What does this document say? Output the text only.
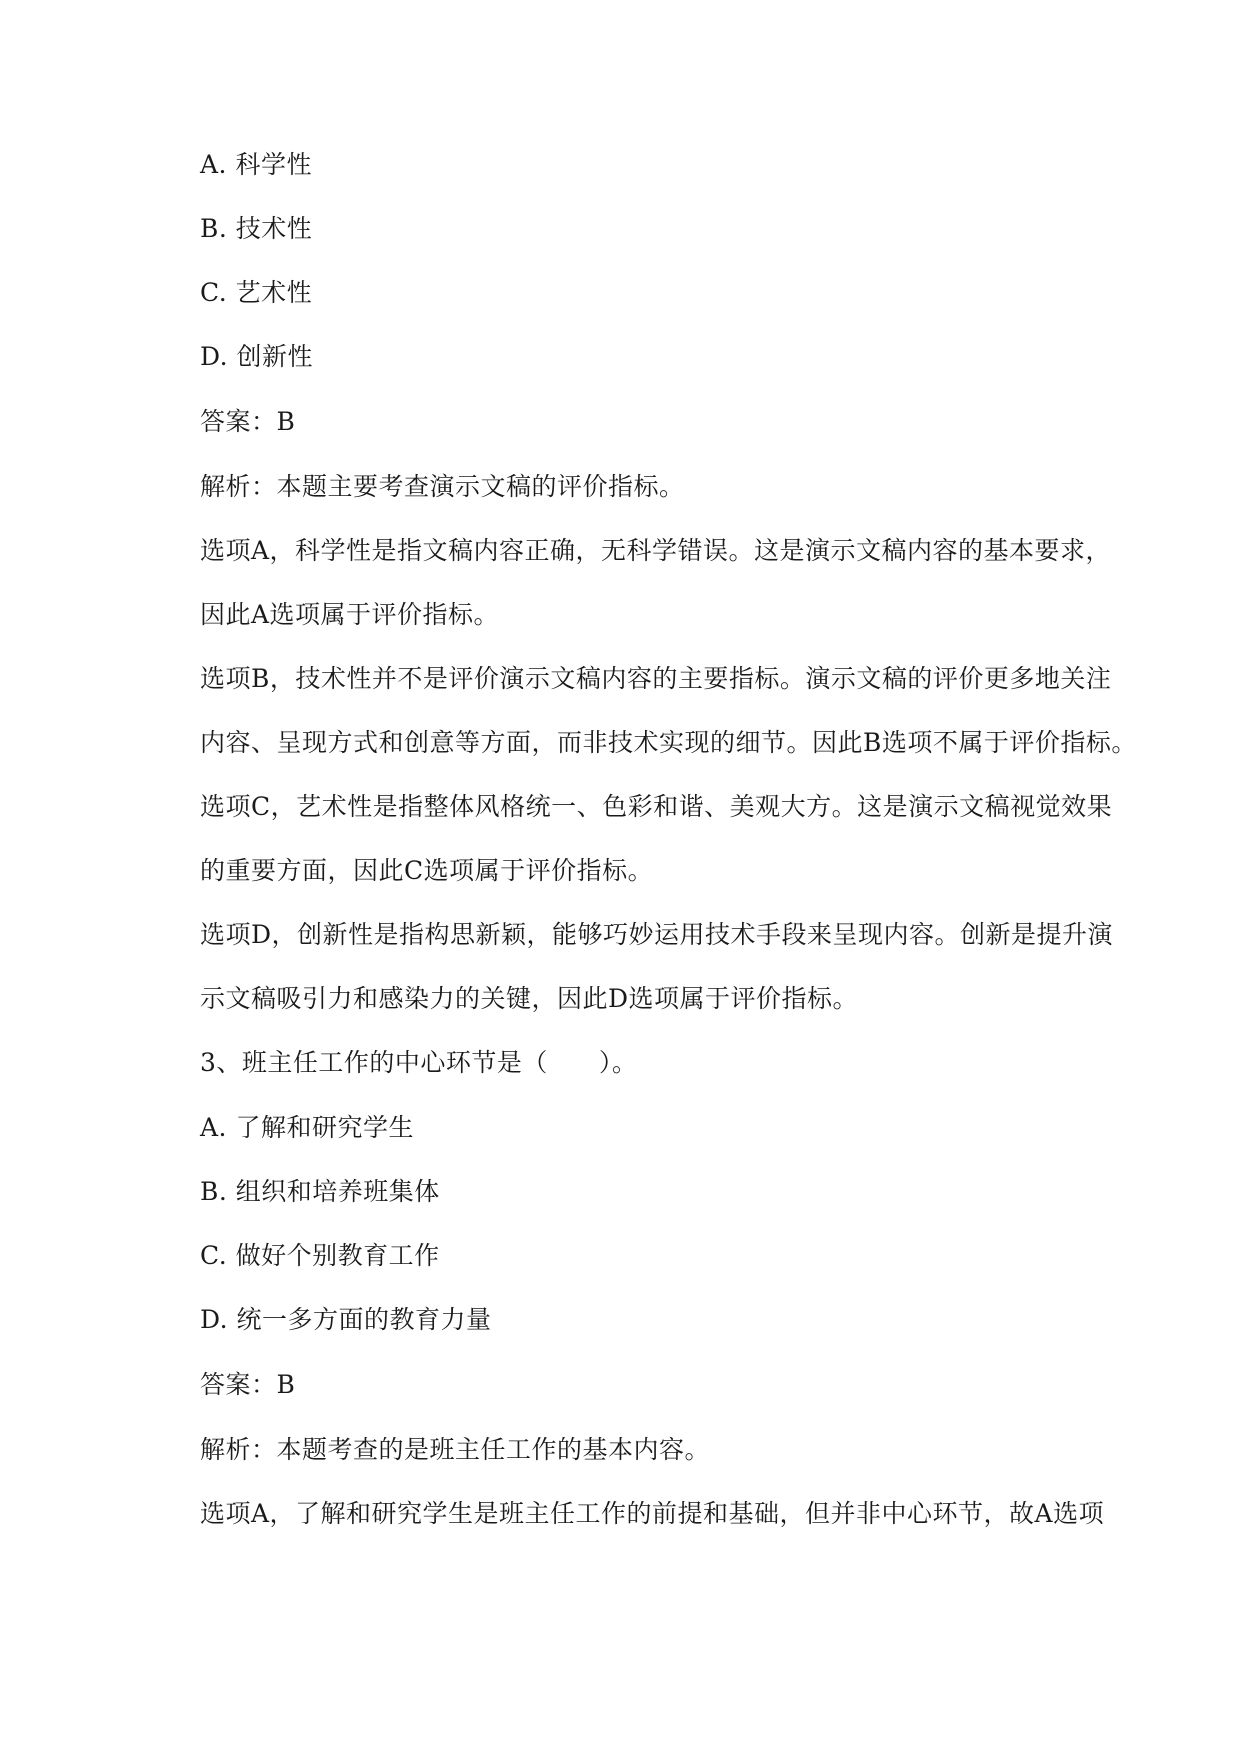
A. 科学性
B. 技术性
C. 艺术性
D. 创新性
答案：B
解析：本题主要考查演示文稿的评价指标。
选项A，科学性是指文稿内容正确，无科学错误。这是演示文稿内容的基本要求，
因此A选项属于评价指标。
选项B，技术性并不是评价演示文稿内容的主要指标。演示文稿的评价更多地关注
内容、呈现方式和创意等方面，而非技术实现的细节。因此B选项不属于评价指标。
选项C，艺术性是指整体风格统一、色彩和谐、美观大方。这是演示文稿视觉效果
的重要方面，因此C选项属于评价指标。
选项D，创新性是指构思新颖，能够巧妙运用技术手段来呈现内容。创新是提升演
示文稿吸引力和感染力的关键，因此D选项属于评价指标。
3、班主任工作的中心环节是（　　）。
A. 了解和研究学生
B. 组织和培养班集体
C. 做好个别教育工作
D. 统一多方面的教育力量
答案：B
解析：本题考查的是班主任工作的基本内容。
选项A，了解和研究学生是班主任工作的前提和基础，但并非中心环节，故A选项
